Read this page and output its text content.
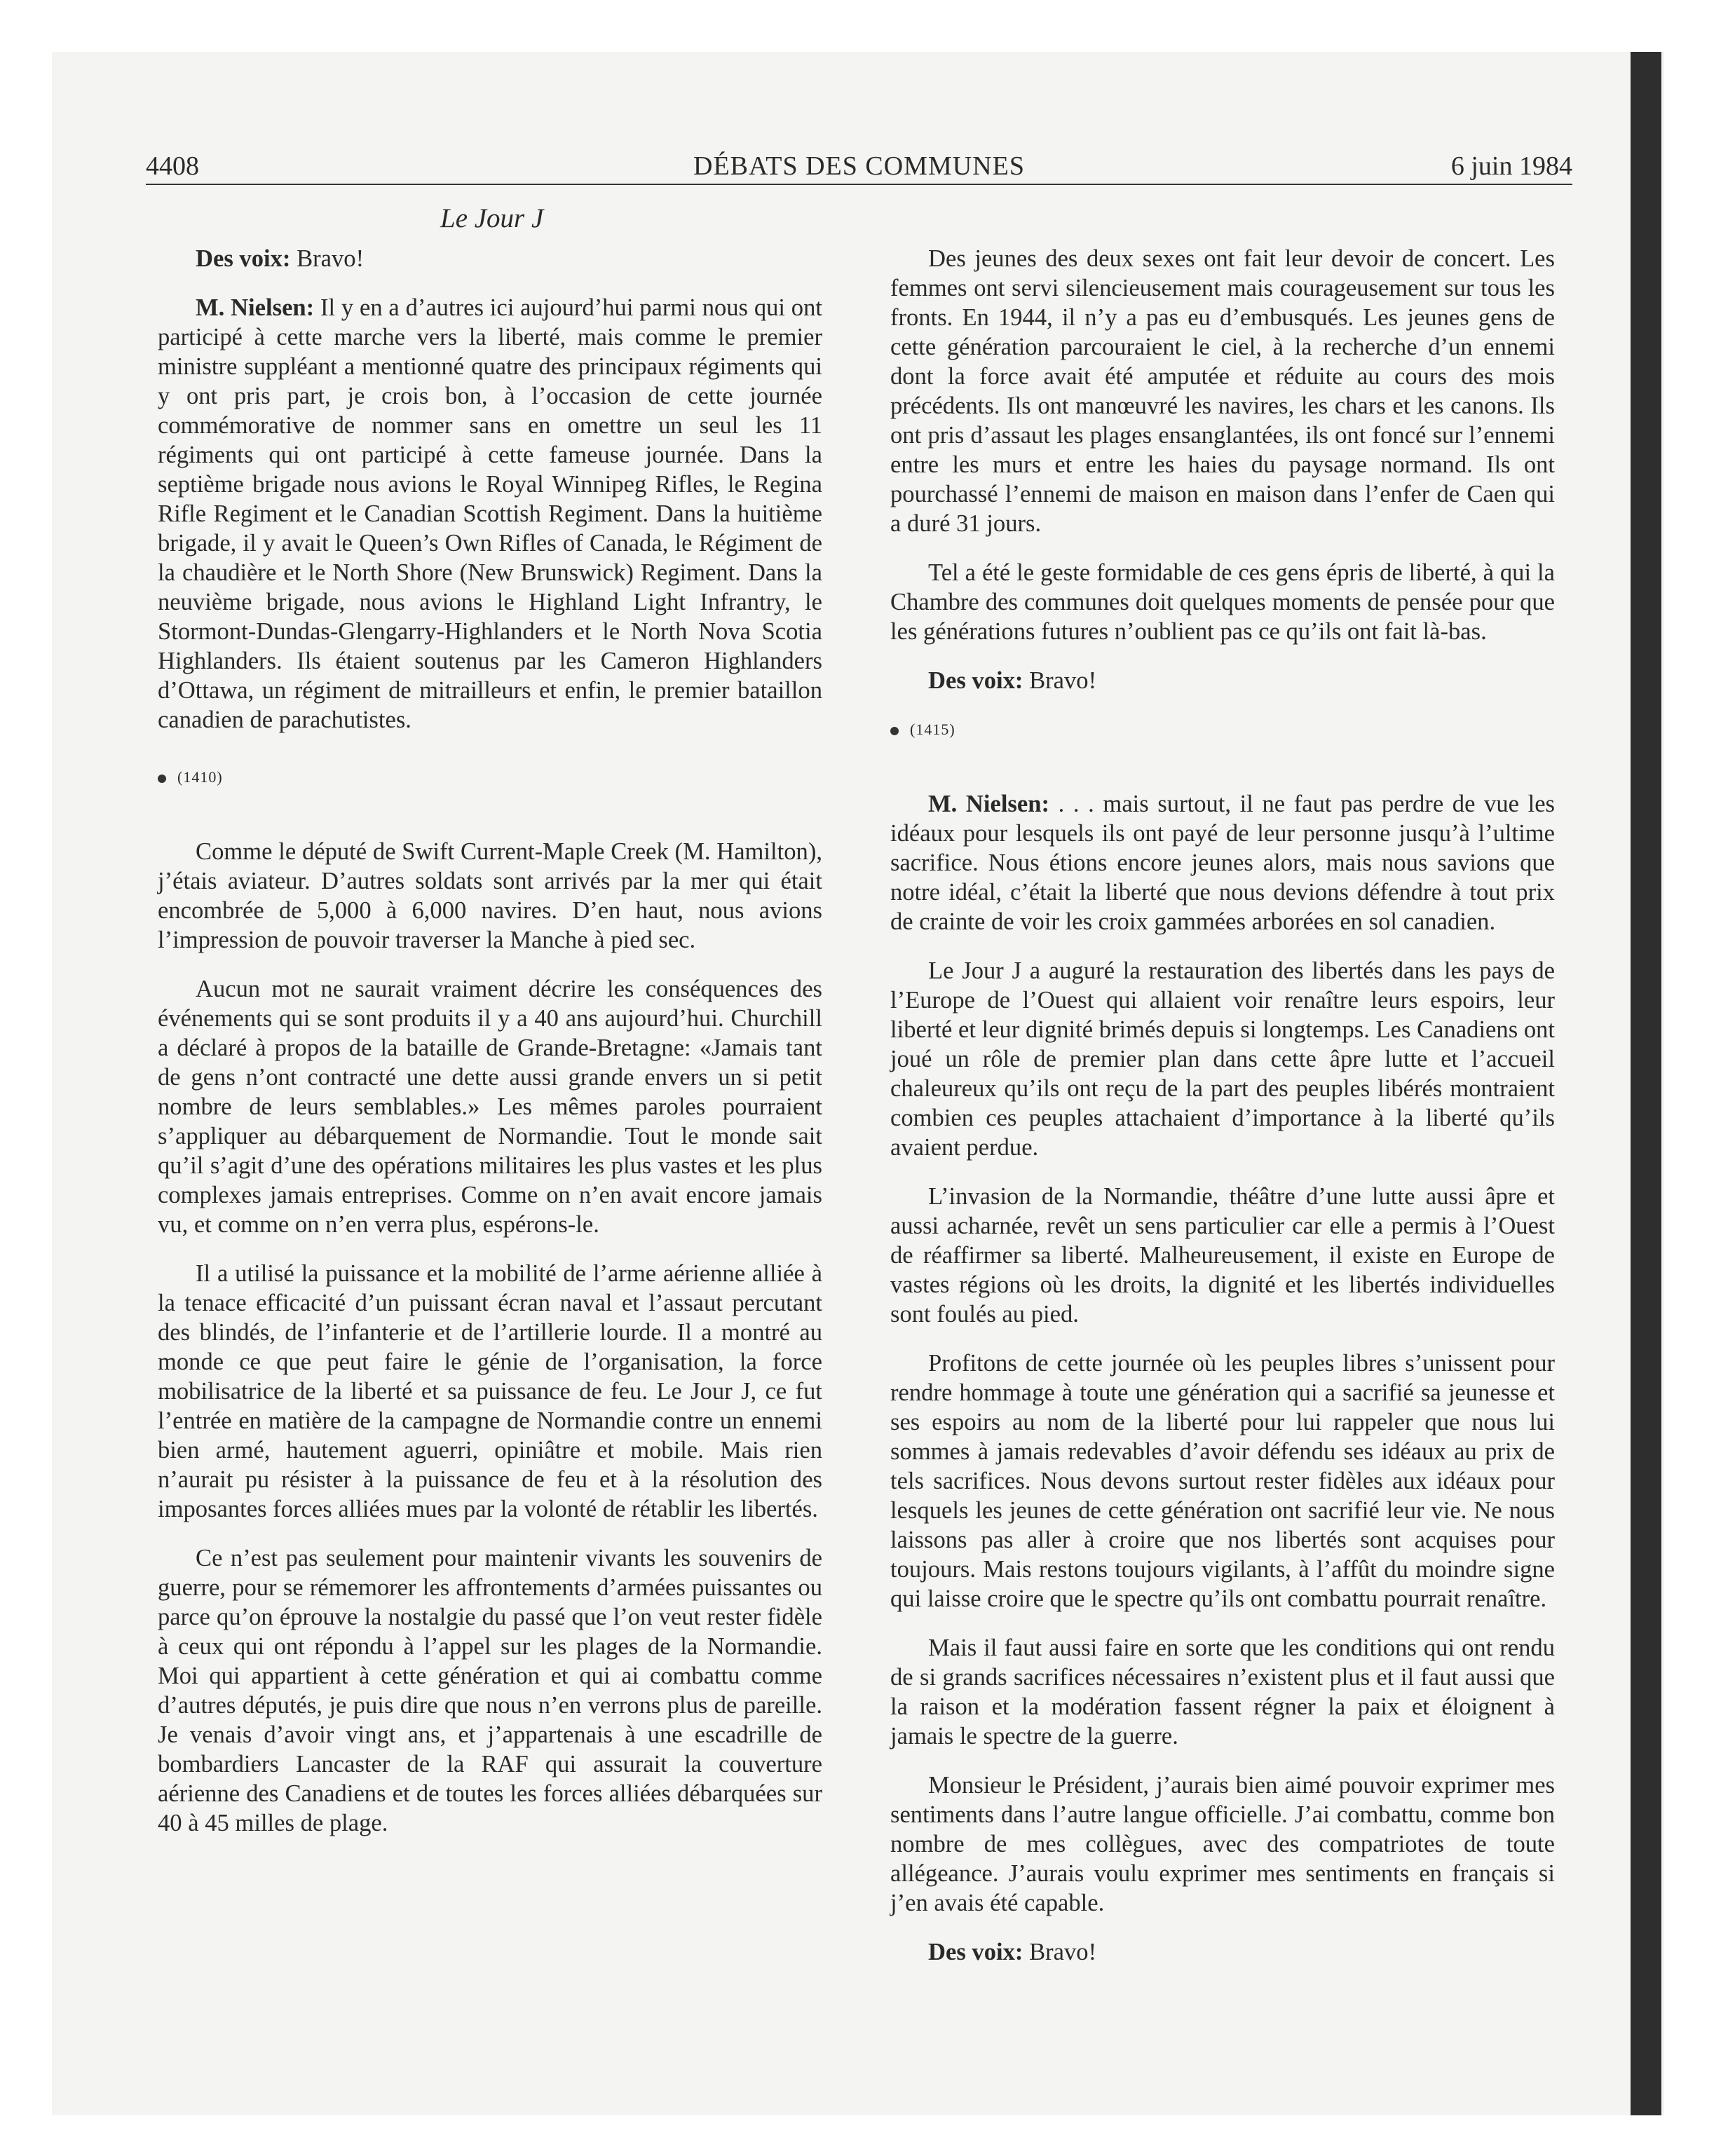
4408	DÉBATS DES COMMUNES	6 juin 1984
Le Jour J

Des voix: Bravo!

M. Nielsen: Il y en a d’autres ici aujourd’hui parmi nous qui ont participé à cette marche vers la liberté, mais comme le premier ministre suppléant a mentionné quatre des principaux régiments qui y ont pris part, je crois bon, à l’occasion de cette journée commémorative de nommer sans en omettre un seul les 11 régiments qui ont participé à cette fameuse journée. Dans la septième brigade nous avions le Royal Winnipeg Rifles, le Regina Rifle Regiment et le Canadian Scottish Regiment. Dans la huitième brigade, il y avait le Queen’s Own Rifles of Canada, le Régiment de la chaudière et le North Shore (New Brunswick) Regiment. Dans la neuvième brigade, nous avions le Highland Light Infrantry, le Stormont-Dundas-Glengarry-Highlanders et le North Nova Scotia Highlanders. Ils étaient soutenus par les Cameron Highlanders d’Ottawa, un régiment de mitrailleurs et enfin, le premier bataillon canadien de parachutistes.

(1410)

Comme le député de Swift Current-Maple Creek (M. Hamilton), j’étais aviateur. D’autres soldats sont arrivés par la mer qui était encombrée de 5,000 à 6,000 navires. D’en haut, nous avions l’impression de pouvoir traverser la Manche à pied sec.

Aucun mot ne saurait vraiment décrire les conséquences des événements qui se sont produits il y a 40 ans aujourd’hui. Churchill a déclaré à propos de la bataille de Grande-Bretagne: «Jamais tant de gens n’ont contracté une dette aussi grande envers un si petit nombre de leurs semblables.» Les mêmes paroles pourraient s’appliquer au débarquement de Normandie. Tout le monde sait qu’il s’agit d’une des opérations militaires les plus vastes et les plus complexes jamais entreprises. Comme on n’en avait encore jamais vu, et comme on n’en verra plus, espérons-le.

Il a utilisé la puissance et la mobilité de l’arme aérienne alliée à la tenace efficacité d’un puissant écran naval et l’assaut percutant des blindés, de l’infanterie et de l’artillerie lourde. Il a montré au monde ce que peut faire le génie de l’organisation, la force mobilisatrice de la liberté et sa puissance de feu. Le Jour J, ce fut l’entrée en matière de la campagne de Normandie contre un ennemi bien armé, hautement aguerri, opiniâtre et mobile. Mais rien n’aurait pu résister à la puissance de feu et à la résolution des imposantes forces alliées mues par la volonté de rétablir les libertés.

Ce n’est pas seulement pour maintenir vivants les souvenirs de guerre, pour se rémemorer les affrontements d’armées puissantes ou parce qu’on éprouve la nostalgie du passé que l’on veut rester fidèle à ceux qui ont répondu à l’appel sur les plages de la Normandie. Moi qui appartient à cette génération et qui ai combattu comme d’autres députés, je puis dire que nous n’en verrons plus de pareille. Je venais d’avoir vingt ans, et j’appartenais à une escadrille de bombardiers Lancaster de la RAF qui assurait la couverture aérienne des Canadiens et de toutes les forces alliées débarquées sur 40 à 45 milles de plage.

Des jeunes des deux sexes ont fait leur devoir de concert. Les femmes ont servi silencieusement mais courageusement sur tous les fronts. En 1944, il n’y a pas eu d’embusqués. Les jeunes gens de cette génération parcouraient le ciel, à la recherche d’un ennemi dont la force avait été amputée et réduite au cours des mois précédents. Ils ont manœuvré les navires, les chars et les canons. Ils ont pris d’assaut les plages ensanglantées, ils ont foncé sur l’ennemi entre les murs et entre les haies du paysage normand. Ils ont pourchassé l’ennemi de maison en maison dans l’enfer de Caen qui a duré 31 jours.

Tel a été le geste formidable de ces gens épris de liberté, à qui la Chambre des communes doit quelques moments de pensée pour que les générations futures n’oublient pas ce qu’ils ont fait là-bas.

Des voix: Bravo!

(1415)

M. Nielsen: . . . mais surtout, il ne faut pas perdre de vue les idéaux pour lesquels ils ont payé de leur personne jusqu’à l’ultime sacrifice. Nous étions encore jeunes alors, mais nous savions que notre idéal, c’était la liberté que nous devions défendre à tout prix de crainte de voir les croix gammées arborées en sol canadien.

Le Jour J a auguré la restauration des libertés dans les pays de l’Europe de l’Ouest qui allaient voir renaître leurs espoirs, leur liberté et leur dignité brimés depuis si longtemps. Les Canadiens ont joué un rôle de premier plan dans cette âpre lutte et l’accueil chaleureux qu’ils ont reçu de la part des peuples libérés montraient combien ces peuples attachaient d’importance à la liberté qu’ils avaient perdue.

L’invasion de la Normandie, théâtre d’une lutte aussi âpre et aussi acharnée, revêt un sens particulier car elle a permis à l’Ouest de réaffirmer sa liberté. Malheureusement, il existe en Europe de vastes régions où les droits, la dignité et les libertés individuelles sont foulés au pied.

Profitons de cette journée où les peuples libres s’unissent pour rendre hommage à toute une génération qui a sacrifié sa jeunesse et ses espoirs au nom de la liberté pour lui rappeler que nous lui sommes à jamais redevables d’avoir défendu ses idéaux au prix de tels sacrifices. Nous devons surtout rester fidèles aux idéaux pour lesquels les jeunes de cette génération ont sacrifié leur vie. Ne nous laissons pas aller à croire que nos libertés sont acquises pour toujours. Mais restons toujours vigilants, à l’affût du moindre signe qui laisse croire que le spectre qu’ils ont combattu pourrait renaître.

Mais il faut aussi faire en sorte que les conditions qui ont rendu de si grands sacrifices nécessaires n’existent plus et il faut aussi que la raison et la modération fassent régner la paix et éloignent à jamais le spectre de la guerre.

Monsieur le Président, j’aurais bien aimé pouvoir exprimer mes sentiments dans l’autre langue officielle. J’ai combattu, comme bon nombre de mes collègues, avec des compatriotes de toute allégeance. J’aurais voulu exprimer mes sentiments en français si j’en avais été capable.

Des voix: Bravo!
